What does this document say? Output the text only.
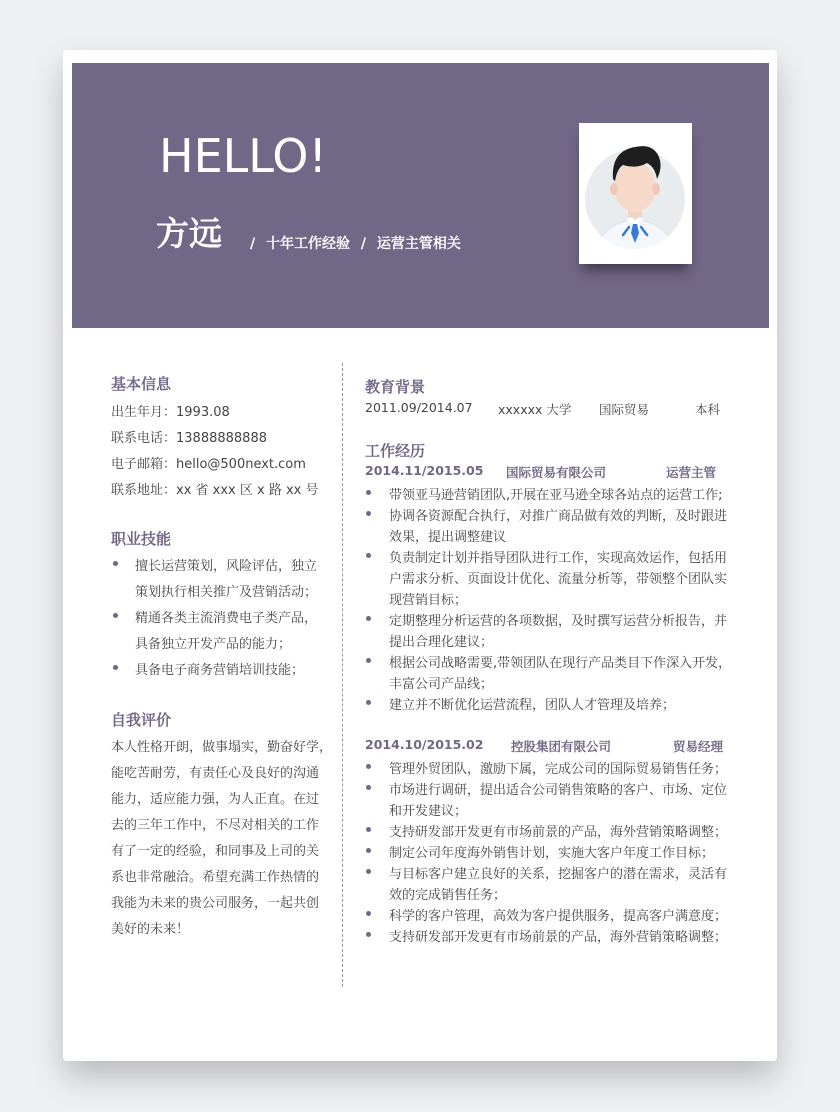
HELLO!
方远 / 十年工作经验 / 运营主管相关
基本信息
出生年月：1993.08
联系电话：13888888888
电子邮箱：hello@500next.com
联系地址：xx 省 xxx 区 x 路 xx 号
职业技能
擅长运营策划，风险评估，独立
策划执行相关推广及营销活动；
精通各类主流消费电子类产品，
具备独立开发产品的能力；
具备电子商务营销培训技能；
自我评价
本人性格开朗，做事塌实，勤奋好学，
能吃苦耐劳，有责任心及良好的沟通
能力，适应能力强，为人正直。在过
去的三年工作中，不尽对相关的工作
有了一定的经验，和同事及上司的关
系也非常融洽。希望充满工作热情的
我能为未来的贵公司服务，一起共创
美好的未来！
教育背景
2011.09/2014.07 xxxxxx 大学 国际贸易	本科
工作经历
2014.11/2015.05 国际贸易有限公司	运营主管
带领亚马逊营销团队,开展在亚马逊全球各站点的运营工作;
协调各资源配合执行，对推广商品做有效的判断，及时跟进
效果，提出调整建议
负责制定计划并指导团队进行工作，实现高效运作，包括用
户需求分析、页面设计优化、流量分析等，带领整个团队实
现营销目标；
定期整理分析运营的各项数据，及时撰写运营分析报告，并
提出合理化建议；
根据公司战略需要,带领团队在现行产品类目下作深入开发，
丰富公司产品线；
建立并不断优化运营流程，团队人才管理及培养；
2014.10/2015.02 控股集团有限公司	贸易经理
管理外贸团队，激励下属，完成公司的国际贸易销售任务；
市场进行调研，提出适合公司销售策略的客户、市场、定位
和开发建议；
支持研发部开发更有市场前景的产品，海外营销策略调整；
制定公司年度海外销售计划，实施大客户年度工作目标；
与目标客户建立良好的关系，挖掘客户的潜在需求，灵活有
效的完成销售任务；
科学的客户管理，高效为客户提供服务，提高客户满意度；
支持研发部开发更有市场前景的产品，海外营销策略调整；
